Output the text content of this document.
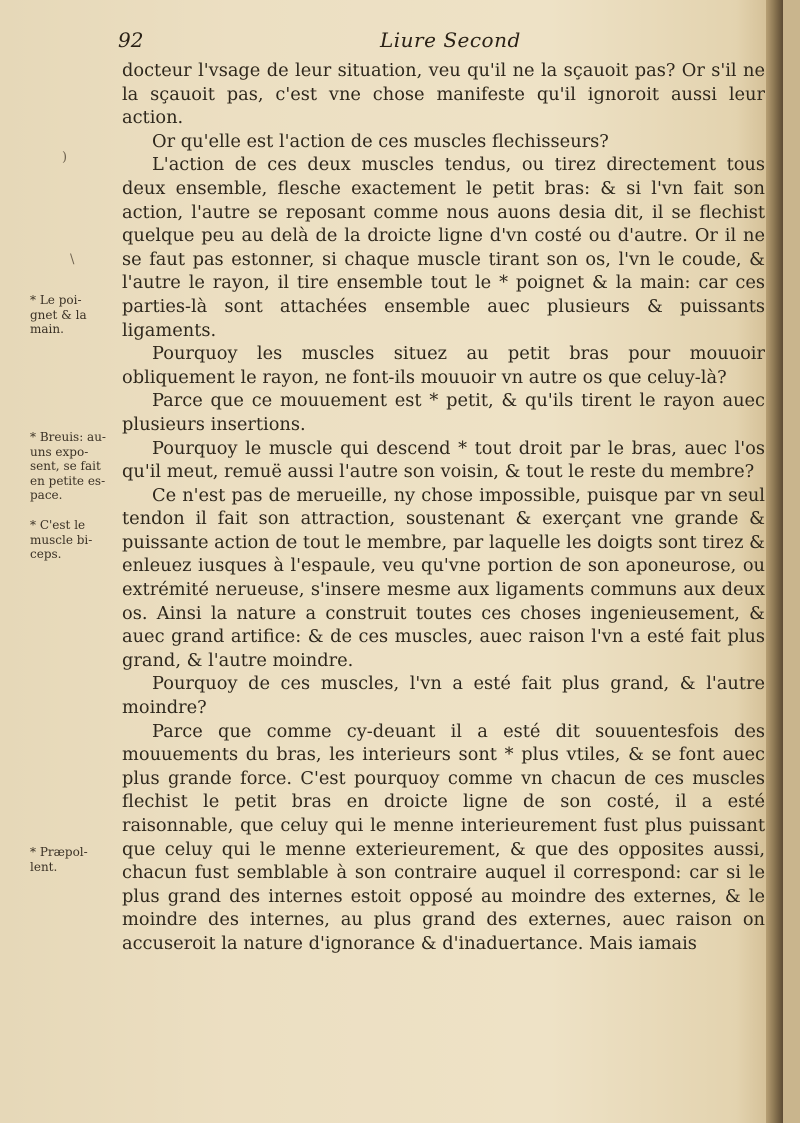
92	Liure Second

docteur l'vsage de leur situation, veu qu'il ne la sçauoit pas? Or s'il ne la sçauoit pas, c'est vne chose manifeste qu'il ignoroit aussi leur action.

Or qu'elle est l'action de ces muscles flechisseurs?

L'action de ces deux muscles tendus, ou tirez directement tous deux ensemble, flesche exactement le petit bras: & si l'vn fait son action, l'autre se reposant comme nous auons desia dit, il se flechist quelque peu au delà de la droicte ligne d'vn costé ou d'autre. Or il ne se faut pas estonner, si chaque muscle tirant son os, l'vn le coude, & l'autre le rayon, il tire ensemble tout le * poignet & la main: car ces parties-là sont attachées ensemble auec plusieurs & puissants ligaments.

Pourquoy les muscles situez au petit bras pour mouuoir obliquement le rayon, ne font-ils mouuoir vn autre os que celuy-là?

Parce que ce mouuement est * petit, & qu'ils tirent le rayon auec plusieurs insertions.

Pourquoy le muscle qui descend * tout droit par le bras, auec l'os qu'il meut, remuë aussi l'autre son voisin, & tout le reste du membre?

Ce n'est pas de merueille, ny chose impossible, puisque par vn seul tendon il fait son attraction, soustenant & exerçant vne grande & puissante action de tout le membre, par laquelle les doigts sont tirez & enleuez iusques à l'espaule, veu qu'vne portion de son aponeurose, ou extrémité nerueuse, s'insere mesme aux ligaments communs aux deux os. Ainsi la nature a construit toutes ces choses ingenieusement, & auec grand artifice: & de ces muscles, auec raison l'vn a esté fait plus grand, & l'autre moindre.

Pourquoy de ces muscles, l'vn a esté fait plus grand, & l'autre moindre?

Parce que comme cy-deuant il a esté dit souuentesfois des mouuements du bras, les interieurs sont * plus vtiles, & se font auec plus grande force. C'est pourquoy comme vn chacun de ces muscles flechist le petit bras en droicte ligne de son costé, il a esté raisonnable, que celuy qui le menne interieurement fust plus puissant que celuy qui le menne exterieurement, & que des opposites aussi, chacun fust semblable à son contraire auquel il correspond: car si le plus grand des internes estoit opposé au moindre des externes, & le moindre des internes, au plus grand des externes, auec raison on accuseroit la nature d'ignorance & d'inaduertance. Mais iamais

* Le poi-
gnet & la
main.
* Breuis: au-
uns expo-
sent, se fait
en petite es-
pace.
* C'est le
muscle bi-
ceps.
* Præpol-
lent.
)
\
